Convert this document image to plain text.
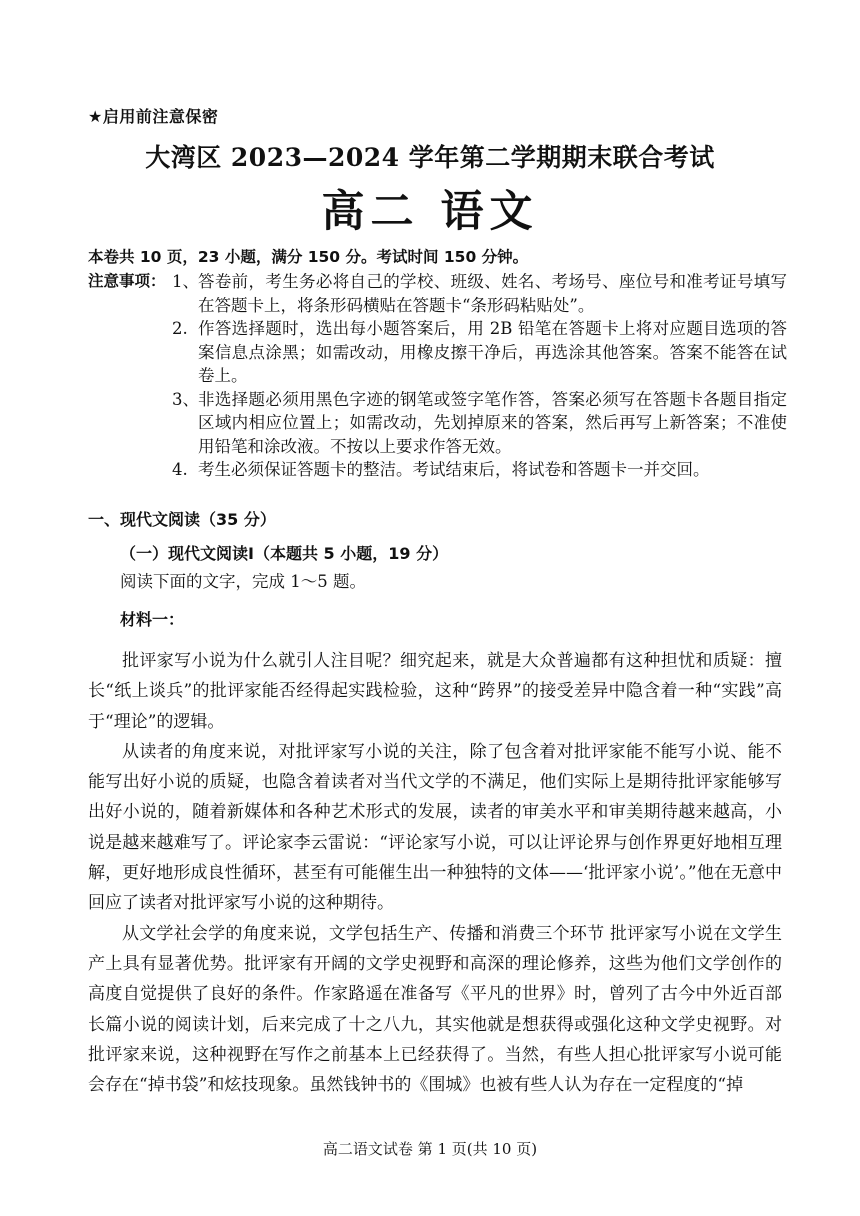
★启用前注意保密
大湾区 2023—2024 学年第二学期期末联合考试
高二 语文
本卷共 10 页，23 小题，满分 150 分。考试时间 150 分钟。
注意事项： 1、 答卷前，考生务必将自己的学校、班级、姓名、考场号、座位号和准考证号填写在答题卡上，将条形码横贴在答题卡“条形码粘贴处”。
2. 作答选择题时，选出每小题答案后，用 2B 铅笔在答题卡上将对应题目选项的答案信息点涂黑；如需改动，用橡皮擦干净后，再选涂其他答案。答案不能答在试卷上。
3、 非选择题必须用黑色字迹的钢笔或签字笔作答，答案必须写在答题卡各题目指定区域内相应位置上；如需改动，先划掉原来的答案，然后再写上新答案；不准使用铅笔和涂改液。不按以上要求作答无效。
4. 考生必须保证答题卡的整洁。考试结束后，将试卷和答题卡一并交回。
一、现代文阅读（35 分）
（一）现代文阅读I（本题共 5 小题，19 分）
阅读下面的文字，完成 1～5 题。
材料一：

批评家写小说为什么就引人注目呢？细究起来，就是大众普遍都有这种担忧和质疑：擅长“纸上谈兵”的批评家能否经得起实践检验，这种“跨界”的接受差异中隐含着一种“实践”高于“理论”的逻辑。

从读者的角度来说，对批评家写小说的关注，除了包含着对批评家能不能写小说、能不能写出好小说的质疑，也隐含着读者对当代文学的不满足，他们实际上是期待批评家能够写出好小说的，随着新媒体和各种艺术形式的发展，读者的审美水平和审美期待越来越高，小说是越来越难写了。评论家李云雷说：“评论家写小说，可以让评论界与创作界更好地相互理解，更好地形成良性循环，甚至有可能催生出一种独特的文体——‘批评家小说’。”他在无意中回应了读者对批评家写小说的这种期待。

从文学社会学的角度来说，文学包括生产、传播和消费三个环节 批评家写小说在文学生产上具有显著优势。批评家有开阔的文学史视野和高深的理论修养，这些为他们文学创作的高度自觉提供了良好的条件。作家路遥在准备写《平凡的世界》时，曾列了古今中外近百部长篇小说的阅读计划，后来完成了十之八九，其实他就是想获得或强化这种文学史视野。对批评家来说，这种视野在写作之前基本上已经获得了。当然，有些人担心批评家写小说可能会存在“掉书袋”和炫技现象。虽然钱钟书的《围城》也被有些人认为存在一定程度的“掉

高二语文试卷 第 1 页(共 10 页)
